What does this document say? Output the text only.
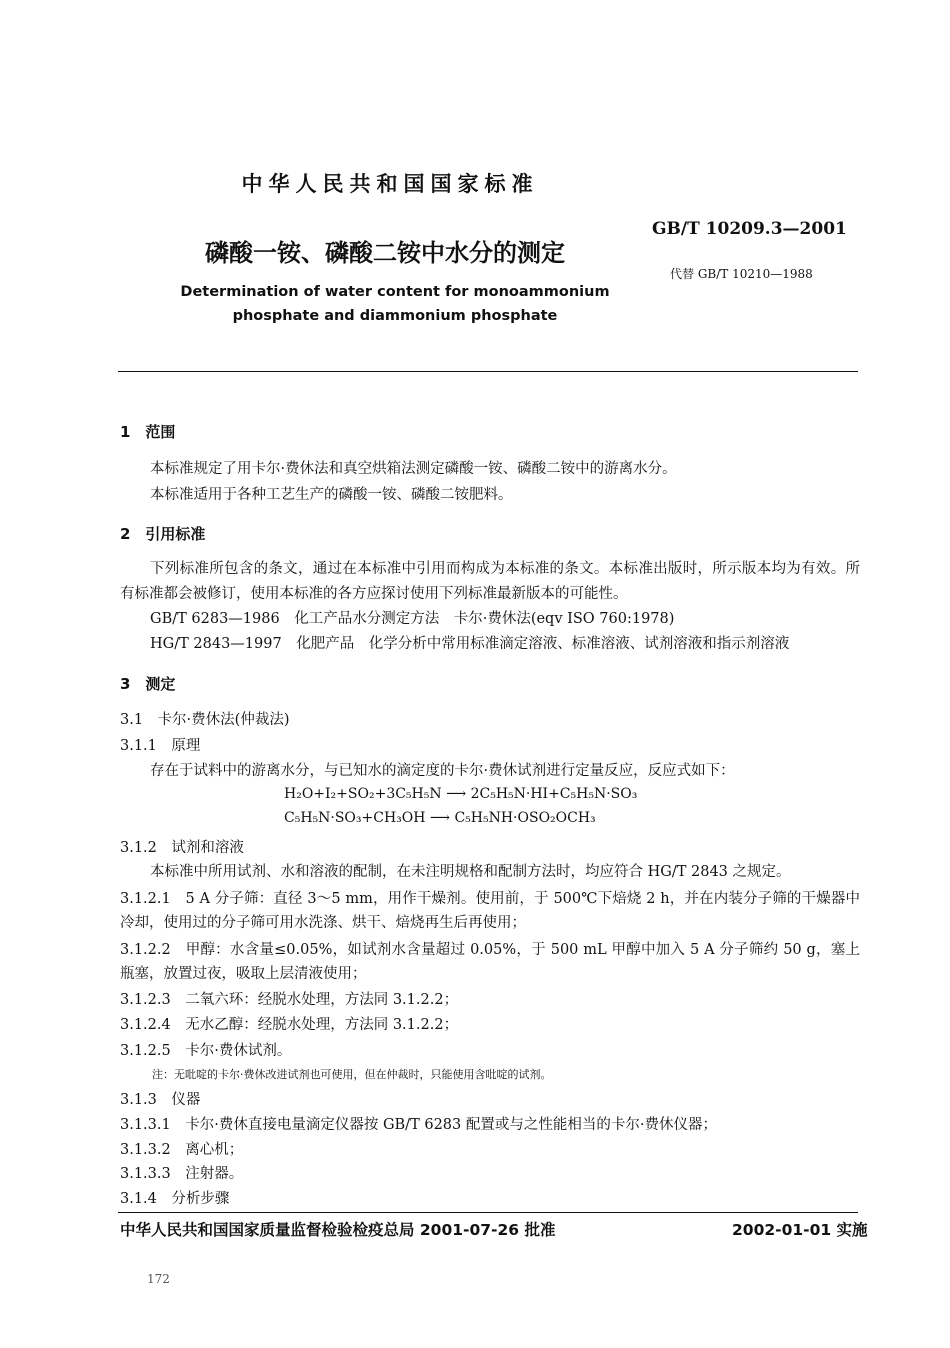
中华人民共和国国家标准
GB/T 10209.3—2001
磷酸一铵、磷酸二铵中水分的测定
代替 GB/T 10210—1988
Determination of water content for monoammonium
phosphate and diammonium phosphate
1　范围
本标准规定了用卡尔·费休法和真空烘箱法测定磷酸一铵、磷酸二铵中的游离水分。
本标准适用于各种工艺生产的磷酸一铵、磷酸二铵肥料。
2　引用标准
下列标准所包含的条文，通过在本标准中引用而构成为本标准的条文。本标准出版时，所示版本均为有效。所有标准都会被修订，使用本标准的各方应探讨使用下列标准最新版本的可能性。
GB/T 6283—1986　化工产品水分测定方法　卡尔·费休法(eqv ISO 760:1978)
HG/T 2843—1997　化肥产品　化学分析中常用标准滴定溶液、标准溶液、试剂溶液和指示剂溶液
3　测定
3.1　卡尔·费休法(仲裁法)
3.1.1　原理
存在于试料中的游离水分，与已知水的滴定度的卡尔·费休试剂进行定量反应，反应式如下：
H₂O+I₂+SO₂+3C₅H₅N ⟶ 2C₅H₅N·HI+C₅H₅N·SO₃
C₅H₅N·SO₃+CH₃OH ⟶ C₅H₅NH·OSO₂OCH₃
3.1.2　试剂和溶液
本标准中所用试剂、水和溶液的配制，在未注明规格和配制方法时，均应符合 HG/T 2843 之规定。
3.1.2.1　5 A 分子筛：直径 3～5 mm，用作干燥剂。使用前，于 500℃下焙烧 2 h，并在内装分子筛的干燥器中冷却，使用过的分子筛可用水洗涤、烘干、焙烧再生后再使用；
3.1.2.2　甲醇：水含量≤0.05%，如试剂水含量超过 0.05%，于 500 mL 甲醇中加入 5 A 分子筛约 50 g，塞上瓶塞，放置过夜，吸取上层清液使用；
3.1.2.3　二氧六环：经脱水处理，方法同 3.1.2.2；
3.1.2.4　无水乙醇：经脱水处理，方法同 3.1.2.2；
3.1.2.5　卡尔·费休试剂。
注：无吡啶的卡尔·费休改进试剂也可使用，但在仲裁时，只能使用含吡啶的试剂。
3.1.3　仪器
3.1.3.1　卡尔·费休直接电量滴定仪器按 GB/T 6283 配置或与之性能相当的卡尔·费休仪器；
3.1.3.2　离心机；
3.1.3.3　注射器。
3.1.4　分析步骤
中华人民共和国国家质量监督检验检疫总局 2001-07-26 批准	2002-01-01 实施
172
